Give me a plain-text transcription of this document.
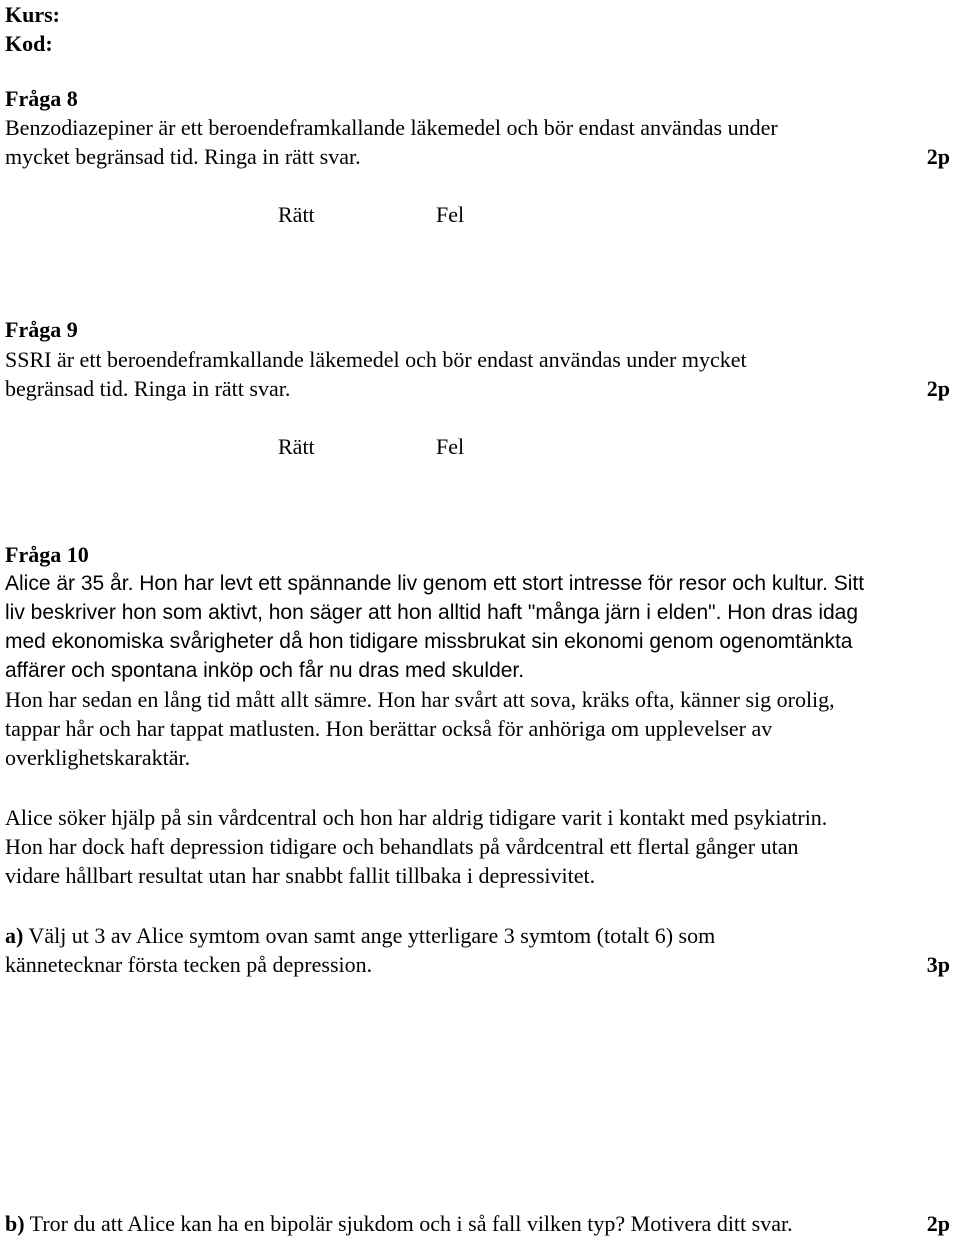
Kurs:
Kod:
Fråga 8
Benzodiazepiner är ett beroendeframkallande läkemedel och bör endast användas under
mycket begränsad tid. Ringa in rätt svar.	2p
Rätt	Fel
Fråga 9
SSRI är ett beroendeframkallande läkemedel och bör endast användas under mycket
begränsad tid. Ringa in rätt svar.	2p
Rätt	Fel
Fråga 10

Alice är 35 år. Hon har levt ett spännande liv genom ett stort intresse för resor och kultur. Sitt

liv beskriver hon som aktivt, hon säger att hon alltid haft "många järn i elden". Hon dras idag

med ekonomiska svårigheter då hon tidigare missbrukat sin ekonomi genom ogenomtänkta

affärer och spontana inköp och får nu dras med skulder.

Hon har sedan en lång tid mått allt sämre. Hon har svårt att sova, kräks ofta, känner sig orolig,

tappar hår och har tappat matlusten. Hon berättar också för anhöriga om upplevelser av

overklighetskaraktär.

Alice söker hjälp på sin vårdcentral och hon har aldrig tidigare varit i kontakt med psykiatrin.

Hon har dock haft depression tidigare och behandlats på vårdcentral ett flertal gånger utan

vidare hållbart resultat utan har snabbt fallit tillbaka i depressivitet.

a) Välj ut 3 av Alice symtom ovan samt ange ytterligare 3 symtom (totalt 6) som
kännetecknar första tecken på depression.	3p
b) Tror du att Alice kan ha en bipolär sjukdom och i så fall vilken typ? Motivera ditt svar.	2p
